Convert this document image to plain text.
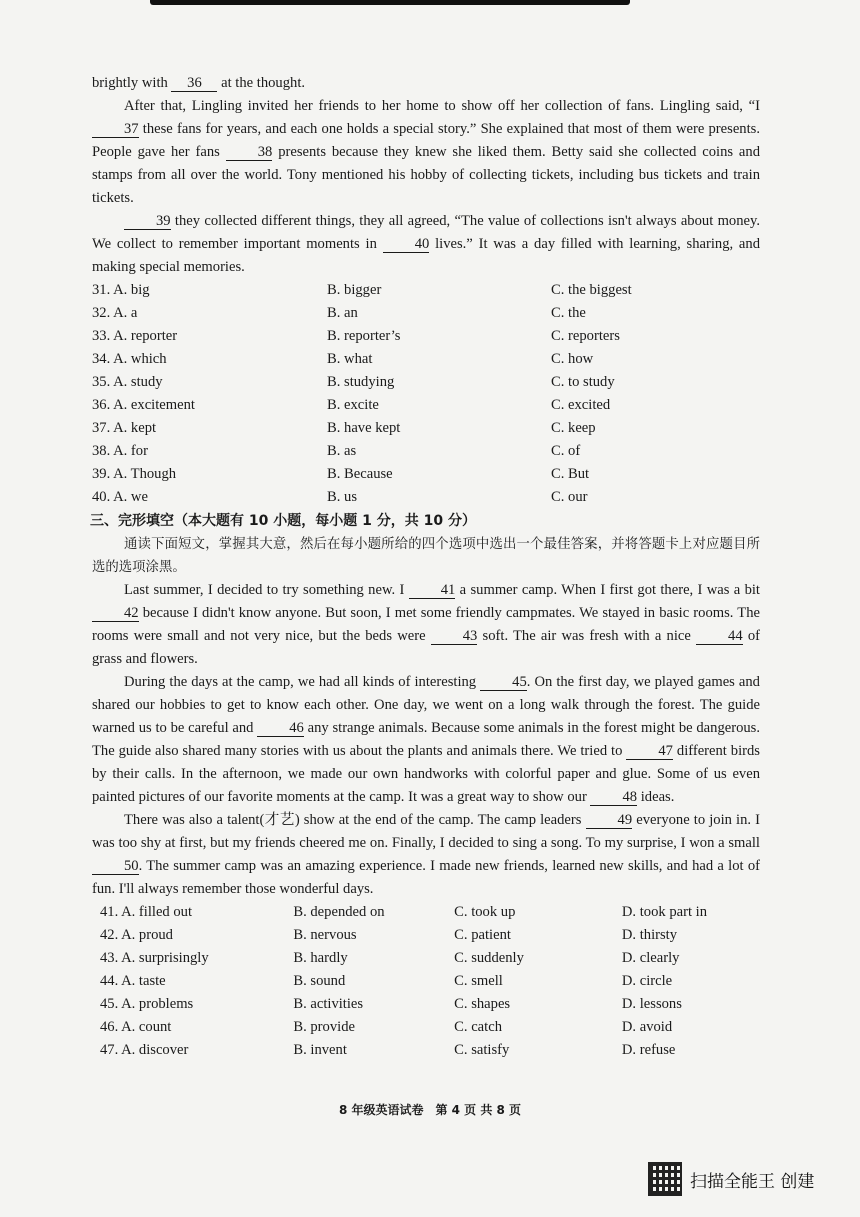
brightly with 36 at the thought.

After that, Lingling invited her friends to her home to show off her collection of fans. Lingling said, “I 37 these fans for years, and each one holds a special story.” She explained that most of them were presents. People gave her fans	38 presents because they knew she liked them. Betty said she collected coins and stamps from all over the world. Tony mentioned his hobby of collecting tickets, including bus tickets and train tickets.

39 they collected different things, they all agreed, “The value of collections isn't always about money. We collect to remember important moments in	40 lives.” It was a day filled with learning, sharing, and making special memories.

31. A. big	B. bigger	C. the biggest
32. A. a	B. an	C. the
33. A. reporter	B. reporter’s	C. reporters
34. A. which	B. what	C. how
35. A. study	B. studying	C. to study
36. A. excitement	B. excite	C. excited
37. A. kept	B. have kept	C. keep
38. A. for	B. as	C. of
39. A. Though	B. Because	C. But
40. A. we	B. us	C. our
三、完形填空（本大题有 10 小题，每小题 1 分，共 10 分）

通读下面短文，掌握其大意，然后在每小题所给的四个选项中选出一个最佳答案，并将答题卡上对应题目所选的选项涂黑。

Last summer, I decided to try something new. I 41 a summer camp. When I first got there, I was a bit 42 because I didn't know anyone. But soon, I met some friendly campmates. We stayed in basic rooms. The rooms were small and not very nice, but the beds were	43 soft. The air was fresh with a nice	44 of grass and flowers.

During the days at the camp, we had all kinds of interesting 45. On the first day, we played games and shared our hobbies to get to know each other. One day, we went on a long walk through the forest. The guide warned us to be careful and 46 any strange animals. Because some animals in the forest might be dangerous. The guide also shared many stories with us about the plants and animals there. We tried to 47 different birds by their calls. In the afternoon, we made our own handworks with colorful paper and glue. Some of us even painted pictures of our favorite moments at the camp. It was a great way to show our 48 ideas.

There was also a talent(才艺) show at the end of the camp. The camp leaders 49 everyone to join in. I was too shy at first, but my friends cheered me on. Finally, I decided to sing a song. To my surprise, I won a small 50. The summer camp was an amazing experience. I made new friends, learned new skills, and had a lot of fun. I'll always remember those wonderful days.

41. A. filled out	B. depended on	C. took up	D. took part in
42. A. proud	B. nervous	C. patient	D. thirsty
43. A. surprisingly	B. hardly	C. suddenly	D. clearly
44. A. taste	B. sound	C. smell	D. circle
45. A. problems	B. activities	C. shapes	D. lessons
46. A. count	B. provide	C. catch	D. avoid
47. A. discover	B. invent	C. satisfy	D. refuse
8 年级英语试卷　第 4 页 共 8 页
扫描全能王 创建
